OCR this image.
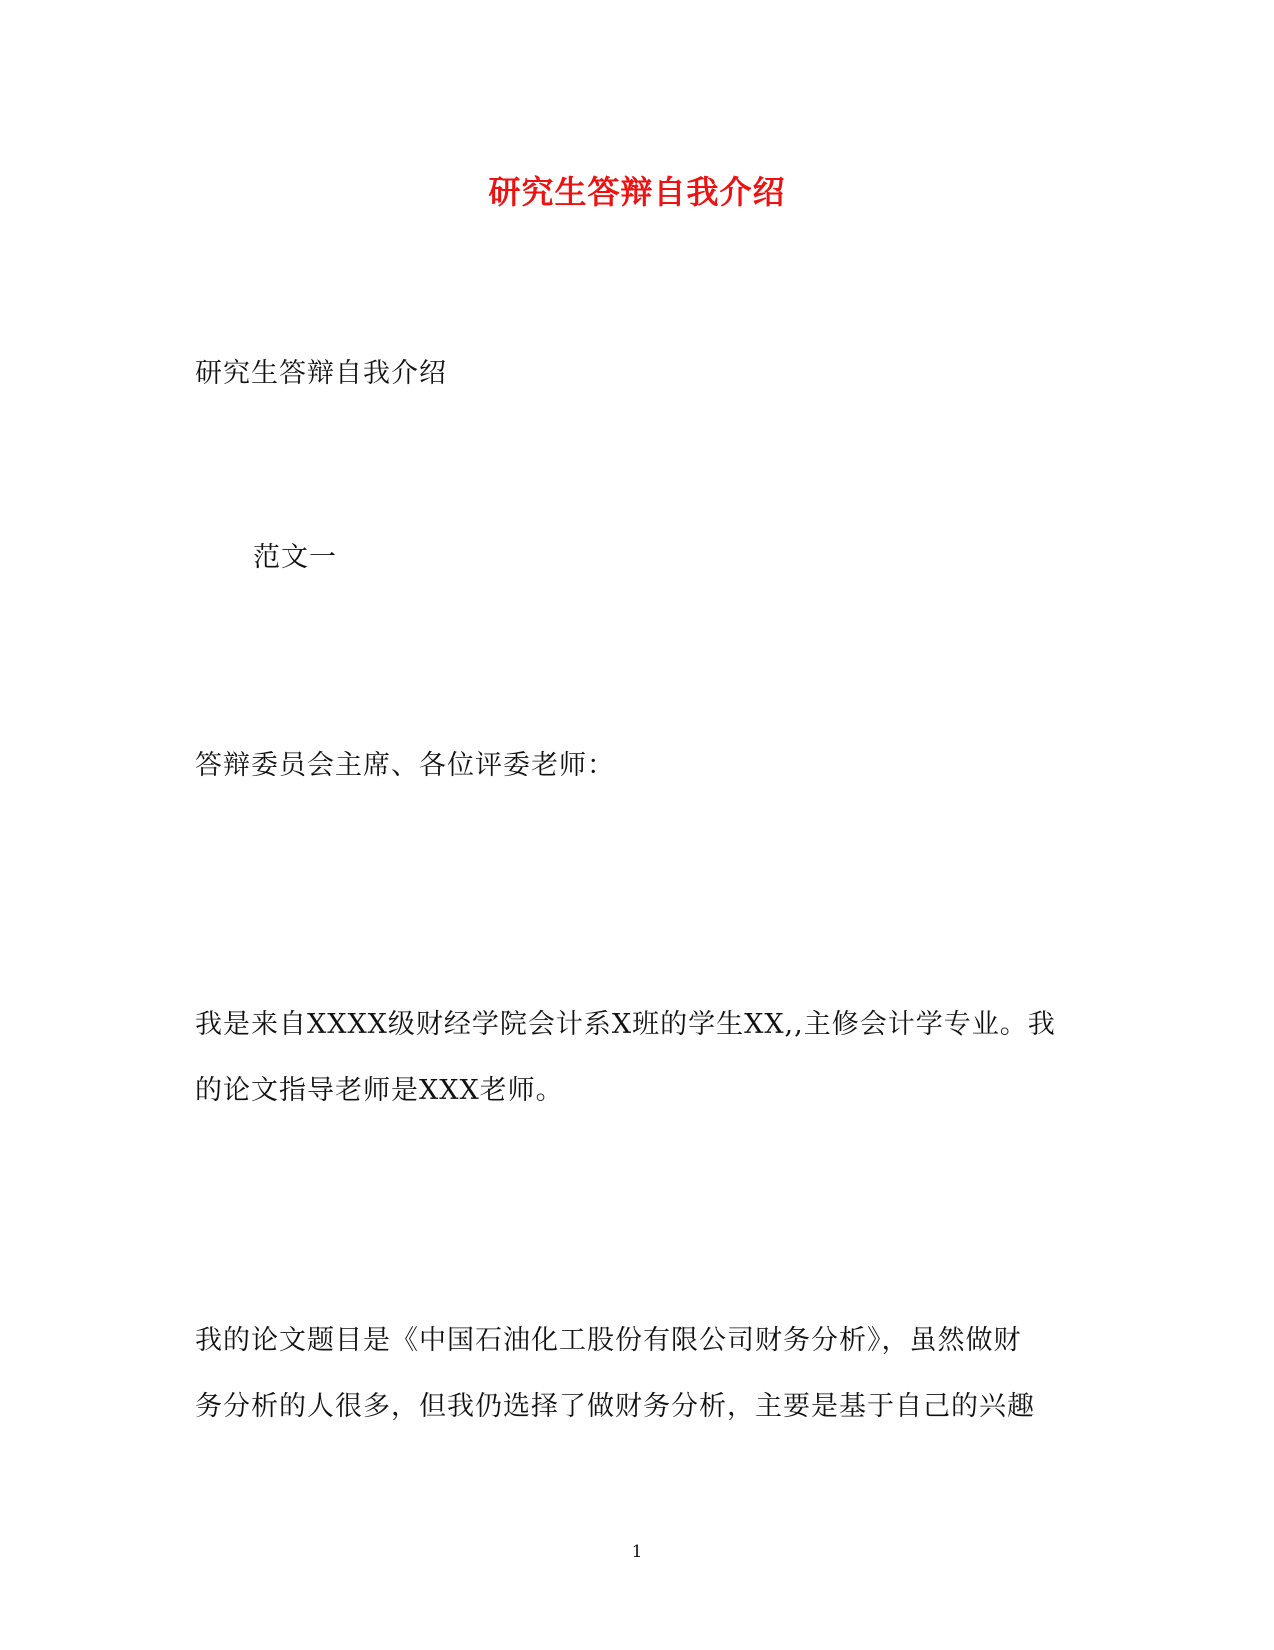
研究生答辩自我介绍
研究生答辩自我介绍
范文一
答辩委员会主席、各位评委老师：
我是来自XXXX级财经学院会计系X班的学生XX,,主修会计学专业。我
的论文指导老师是XXX老师。
我的论文题目是《中国石油化工股份有限公司财务分析》，虽然做财
务分析的人很多，但我仍选择了做财务分析，主要是基于自己的兴趣
1
